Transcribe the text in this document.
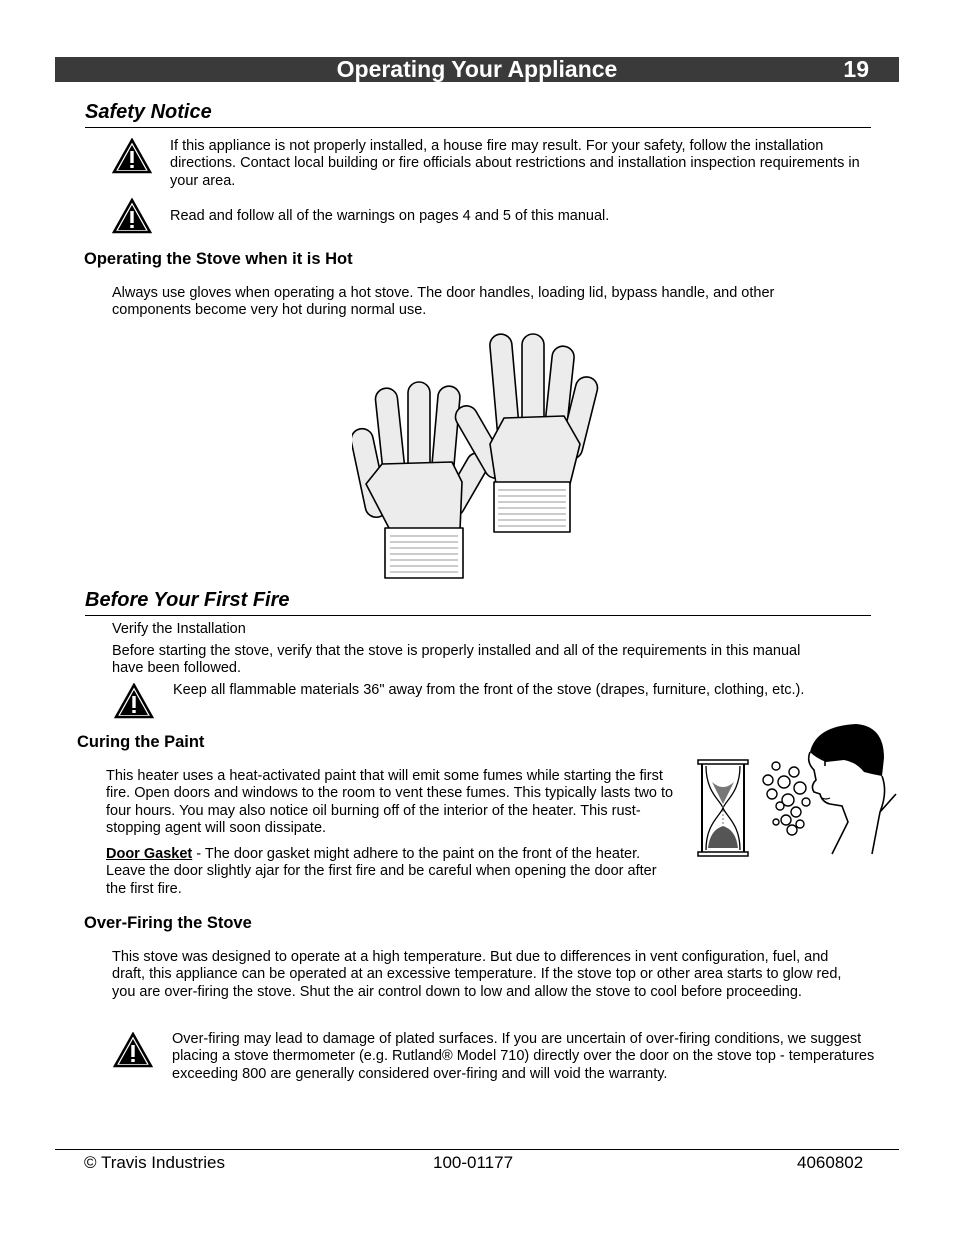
Operating Your Appliance	19
Safety Notice
If this appliance is not properly installed, a house fire may result. For your safety, follow the installation directions. Contact local building or fire officials about restrictions and installation inspection requirements in your area.
Read and follow all of the warnings on pages 4 and 5 of this manual.
Operating the Stove when it is Hot
Always use gloves when operating a hot stove. The door handles, loading lid, bypass handle, and other components become very hot during normal use.
Before Your First Fire
Verify the Installation
Before starting the stove, verify that the stove is properly installed and all of the requirements in this manual have been followed.
Keep all flammable materials 36" away from the front of the stove (drapes, furniture, clothing, etc.).
Curing the Paint
This heater uses a heat-activated paint that will emit some fumes while starting the first fire. Open doors and windows to the room to vent these fumes. This typically lasts two to four hours. You may also notice oil burning off of the interior of the heater. This rust-stopping agent will soon dissipate.
Door Gasket - The door gasket might adhere to the paint on the front of the heater. Leave the door slightly ajar for the first fire and be careful when opening the door after the first fire.
Over-Firing the Stove
This stove was designed to operate at a high temperature. But due to differences in vent configuration, fuel, and draft, this appliance can be operated at an excessive temperature. If the stove top or other area starts to glow red, you are over-firing the stove. Shut the air control down to low and allow the stove to cool before proceeding.
Over-firing may lead to damage of plated surfaces. If you are uncertain of over-firing conditions, we suggest placing a stove thermometer (e.g. Rutland® Model 710) directly over the door on the stove top - temperatures exceeding 800 are generally considered over-firing and will void the warranty.
© Travis Industries	100-01177	4060802
